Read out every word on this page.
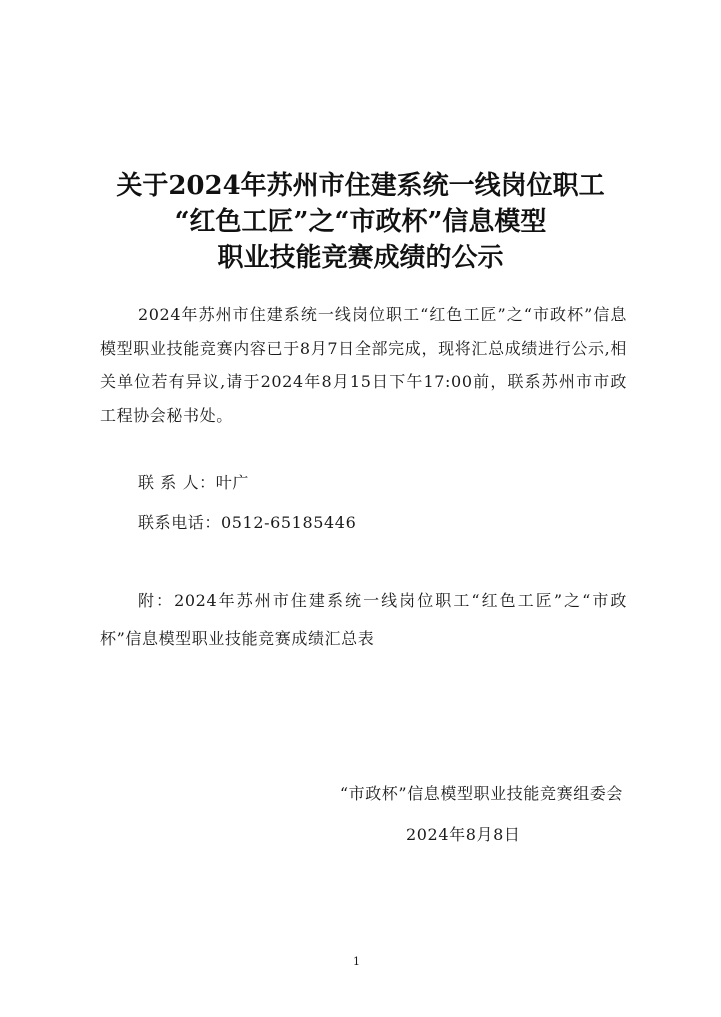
关于2024年苏州市住建系统一线岗位职工
“红色工匠”之“市政杯”信息模型
职业技能竞赛成绩的公示
2024年苏州市住建系统一线岗位职工“红色工匠”之“市政杯”信息模型职业技能竞赛内容已于8月7日全部完成，现将汇总成绩进行公示,相关单位若有异议,请于2024年8月15日下午17:00前，联系苏州市市政工程协会秘书处。
联 系 人：叶广
联系电话：0512-65185446
附：2024年苏州市住建系统一线岗位职工“红色工匠”之“市政杯”信息模型职业技能竞赛成绩汇总表
“市政杯”信息模型职业技能竞赛组委会
2024年8月8日
1
